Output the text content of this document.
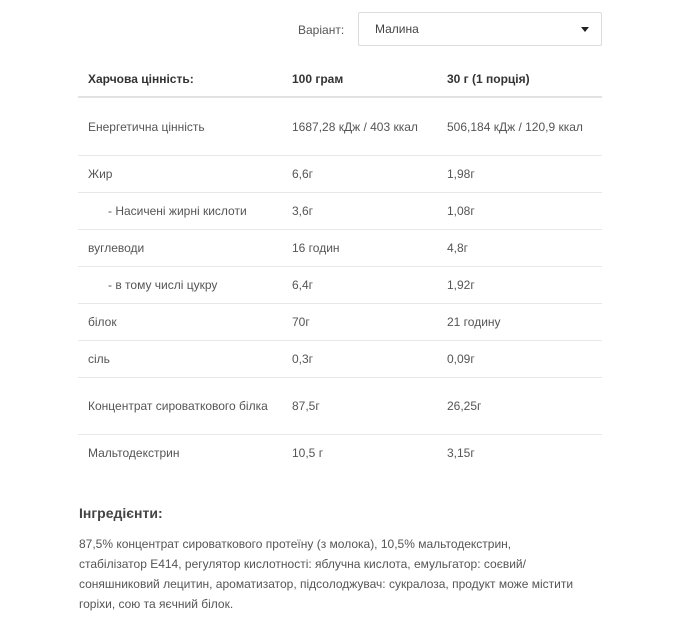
Варіант:	Малина
Харчова цінність:	100 грам	30 г (1 порція)
Енергетична цінність	1687,28 кДж / 403 ккал	506,184 кДж / 120,9 ккал
Жир	6,6г	1,98г
- Насичені жирні кислоти	3,6г	1,08г
вуглеводи	16 годин	4,8г
- в тому числі цукру	6,4г	1,92г
білок	70г	21 годину
сіль	0,3г	0,09г
Концентрат сироваткового білка	87,5г	26,25г
Мальтодекстрин	10,5 г	3,15г
Інгредієнти:

87,5% концентрат сироваткового протеїну (з молока), 10,5% мальтодекстрин, стабілізатор E414, регулятор кислотності: яблучна кислота, емульгатор: соєвий/соняшниковий лецитин, ароматизатор, підсолоджувач: сукралоза, продукт може містити горіхи, сою та яєчний білок.
